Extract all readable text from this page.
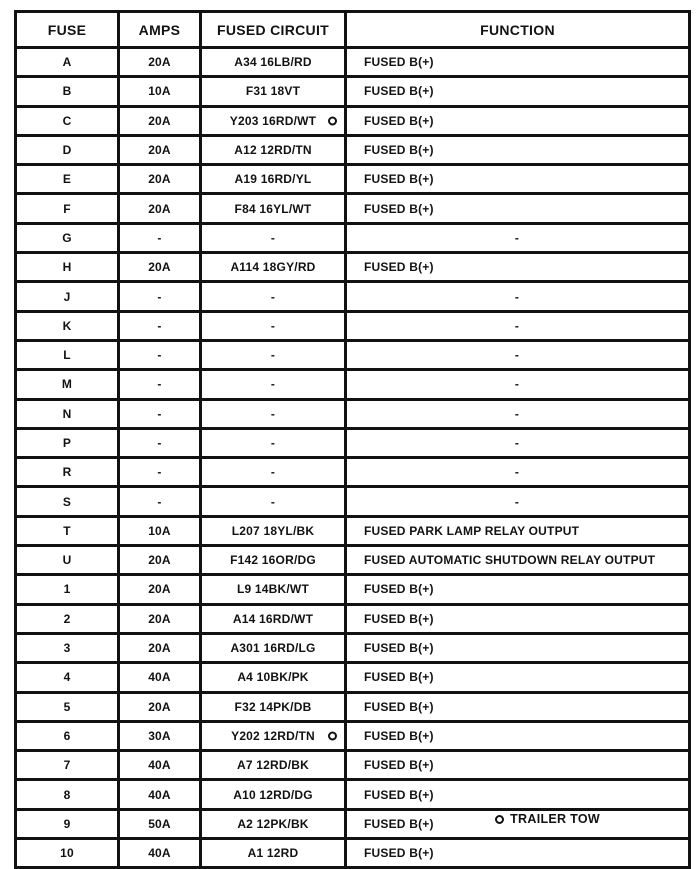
FUSE	AMPS	FUSED CIRCUIT	FUNCTION
A	20A	A34 16LB/RD	FUSED B(+)
B	10A	F31 18VT	FUSED B(+)
C	20A	Y203 16RD/WT	FUSED B(+)
D	20A	A12 12RD/TN	FUSED B(+)
E	20A	A19 16RD/YL	FUSED B(+)
F	20A	F84 16YL/WT	FUSED B(+)
G	-	-	-
H	20A	A114 18GY/RD	FUSED B(+)
J	-	-	-
K	-	-	-
L	-	-	-
M	-	-	-
N	-	-	-
P	-	-	-
R	-	-	-
S	-	-	-
T	10A	L207 18YL/BK	FUSED PARK LAMP RELAY OUTPUT
U	20A	F142 16OR/DG	FUSED AUTOMATIC SHUTDOWN RELAY OUTPUT
1	20A	L9 14BK/WT	FUSED B(+)
2	20A	A14 16RD/WT	FUSED B(+)
3	20A	A301 16RD/LG	FUSED B(+)
4	40A	A4 10BK/PK	FUSED B(+)
5	20A	F32 14PK/DB	FUSED B(+)
6	30A	Y202 12RD/TN	FUSED B(+)
7	40A	A7 12RD/BK	FUSED B(+)
8	40A	A10 12RD/DG	FUSED B(+)
9	50A	A2 12PK/BK	FUSED B(+)
10	40A	A1 12RD	FUSED B(+)
TRAILER TOW
